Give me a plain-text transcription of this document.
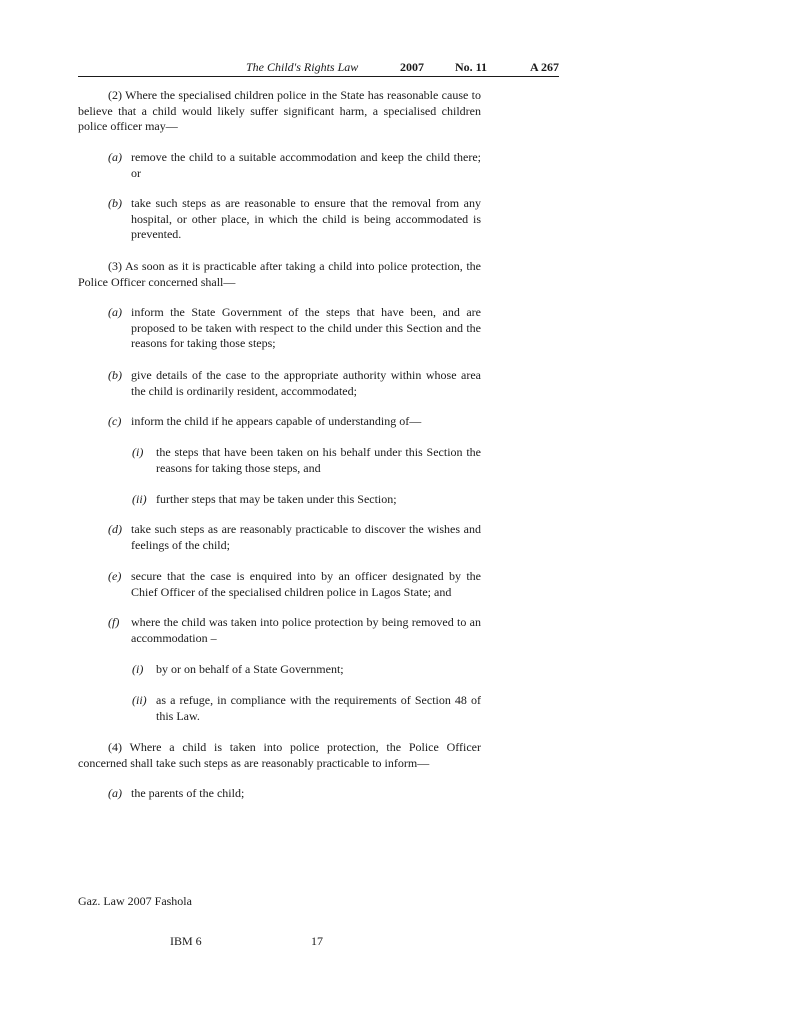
The Child's Rights Law	2007	No. 11	A 267
(2) Where the specialised children police in the State has reasonable cause to believe that a child would likely suffer significant harm, a specialised children police officer may—
(a) remove the child to a suitable accommodation and keep the child there; or
(b) take such steps as are reasonable to ensure that the removal from any hospital, or other place, in which the child is being accommodated is prevented.
(3) As soon as it is practicable after taking a child into police protection, the Police Officer concerned shall—
(a) inform the State Government of the steps that have been, and are proposed to be taken with respect to the child under this Section and the reasons for taking those steps;
(b) give details of the case to the appropriate authority within whose area the child is ordinarily resident, accommodated;
(c) inform the child if he appears capable of understanding of—
(i) the steps that have been taken on his behalf under this Section the reasons for taking those steps, and
(ii) further steps that may be taken under this Section;
(d) take such steps as are reasonably practicable to discover the wishes and feelings of the child;
(e) secure that the case is enquired into by an officer designated by the Chief Officer of the specialised children police in Lagos State; and
(f) where the child was taken into police protection by being removed to an accommodation –
(i) by or on behalf of a State Government;
(ii) as a refuge, in compliance with the requirements of Section 48 of this Law.
(4) Where a child is taken into police protection, the Police Officer concerned shall take such steps as are reasonably practicable to inform—
(a) the parents of the child;
Gaz. Law 2007 Fashola
IBM 6	17
